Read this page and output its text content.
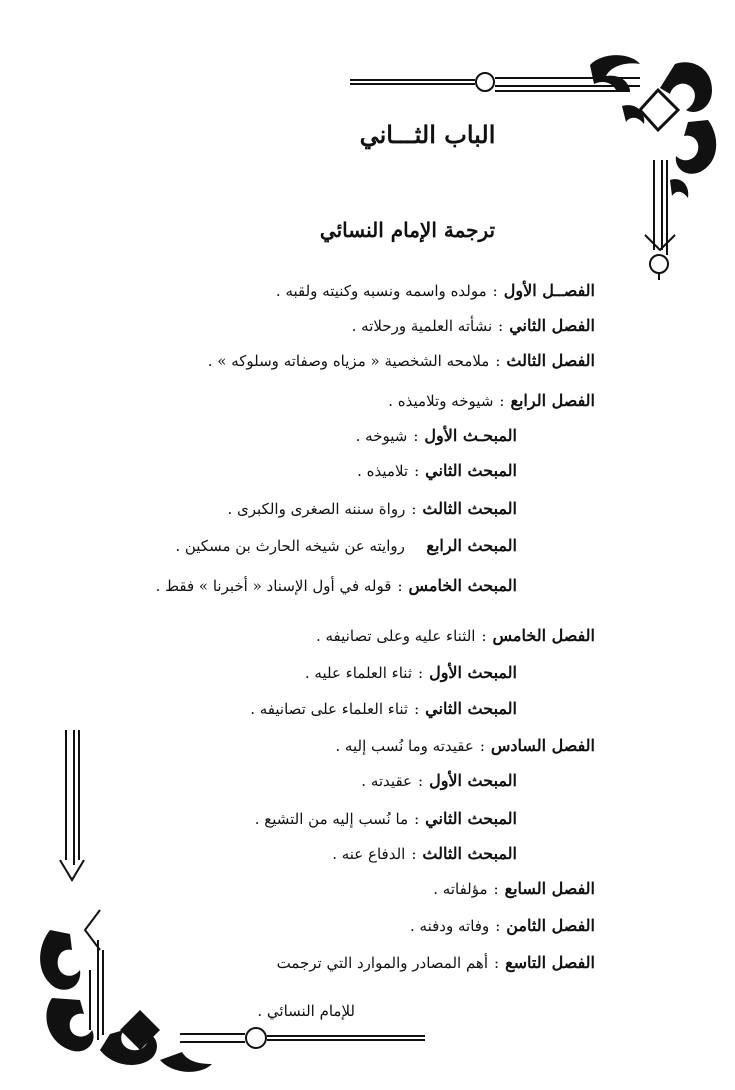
الباب الثـــاني
ترجمة الإمام النسائي
الفصــل الأول:مولده واسمه ونسبه وكنيته ولقبه .
الفصل الثاني:نشأته العلمية ورحلاته .
الفصل الثالث:ملامحه الشخصية « مزياه وصفاته وسلوكه » .
الفصل الرابع:شيوخه وتلاميذه .
المبحـث الأول:شيوخه .
المبحث الثاني:تلاميذه .
المبحث الثالث:رواة سننه الصغرى والكبرى .
المبحث الرابع  روايته عن شيخه الحارث بن مسكين .
المبحث الخامس:قوله في أول الإسناد « أخبرنا » فقط .
الفصل الخامس:الثناء عليه وعلى تصانيفه .
المبحث الأول:ثناء العلماء عليه .
المبحث الثاني:ثناء العلماء على تصانيفه .
الفصل السادس:عقيدته وما نُسب إليه .
المبحث الأول:عقيدته .
المبحث الثاني:ما نُسب إليه من التشيع .
المبحث الثالث:الدفاع عنه .
الفصل السابع:مؤلفاته .
الفصل الثامن:وفاته ودفنه .
الفصل التاسع:أهم المصادر والموارد التي ترجمت
للإمام النسائي .
